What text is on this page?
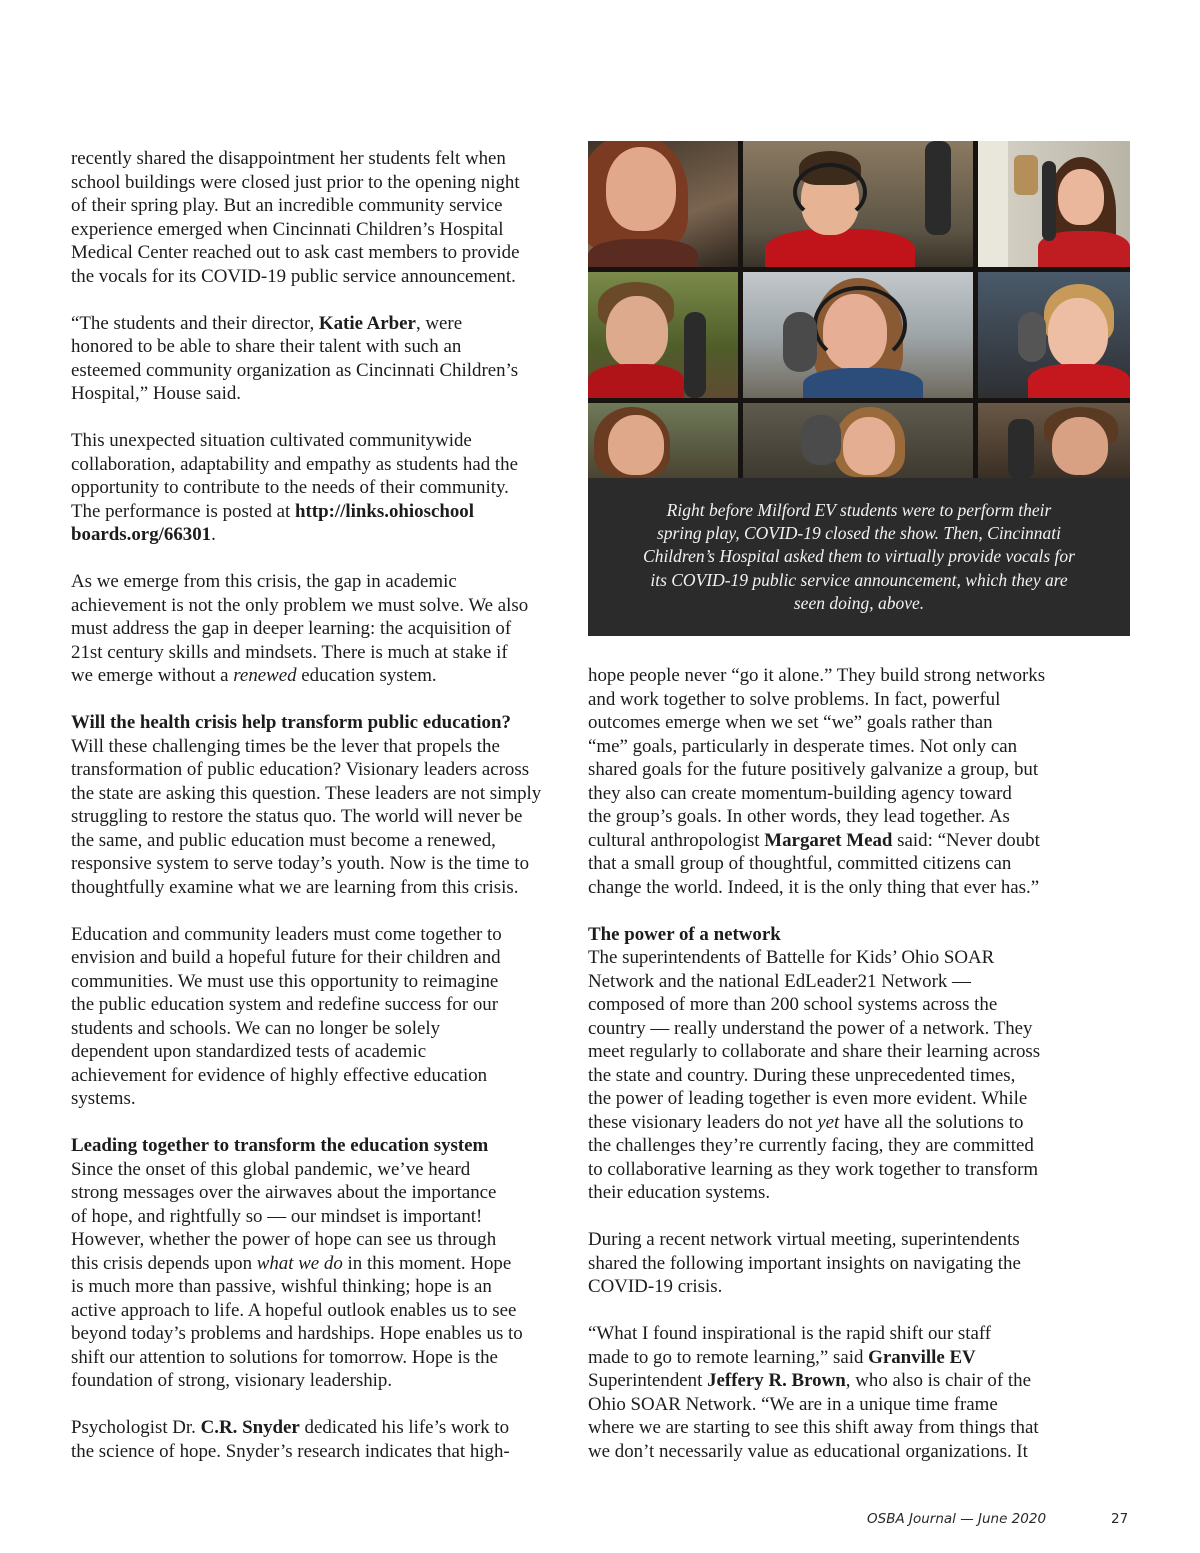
recently shared the disappointment her students felt when
school buildings were closed just prior to the opening night
of their spring play. But an incredible community service
experience emerged when Cincinnati Children’s Hospital
Medical Center reached out to ask cast members to provide
the vocals for its COVID-19 public service announcement.

“The students and their director, Katie Arber, were
honored to be able to share their talent with such an
esteemed community organization as Cincinnati Children’s
Hospital,” House said.

This unexpected situation cultivated communitywide
collaboration, adaptability and empathy as students had the
opportunity to contribute to the needs of their community.
The performance is posted at http://links.ohioschool
boards.org/66301.

As we emerge from this crisis, the gap in academic
achievement is not the only problem we must solve. We also
must address the gap in deeper learning: the acquisition of
21st century skills and mindsets. There is much at stake if
we emerge without a renewed education system.

Will the health crisis help transform public education?

Will these challenging times be the lever that propels the
transformation of public education? Visionary leaders across
the state are asking this question. These leaders are not simply
struggling to restore the status quo. The world will never be
the same, and public education must become a renewed,
responsive system to serve today’s youth. Now is the time to
thoughtfully examine what we are learning from this crisis.

Education and community leaders must come together to
envision and build a hopeful future for their children and
communities. We must use this opportunity to reimagine
the public education system and redefine success for our
students and schools. We can no longer be solely
dependent upon standardized tests of academic
achievement for evidence of highly effective education
systems.

Leading together to transform the education system

Since the onset of this global pandemic, we’ve heard
strong messages over the airwaves about the importance
of hope, and rightfully so — our mindset is important!
However, whether the power of hope can see us through
this crisis depends upon what we do in this moment. Hope
is much more than passive, wishful thinking; hope is an
active approach to life. A hopeful outlook enables us to see
beyond today’s problems and hardships. Hope enables us to
shift our attention to solutions for tomorrow. Hope is the
foundation of strong, visionary leadership.

Psychologist Dr. C.R. Snyder dedicated his life’s work to
the science of hope. Snyder’s research indicates that high-

Right before Milford EV students were to perform their
spring play, COVID-19 closed the show. Then, Cincinnati
Children’s Hospital asked them to virtually provide vocals for
its COVID-19 public service announcement, which they are
seen doing, above.

hope people never “go it alone.” They build strong networks
and work together to solve problems. In fact, powerful
outcomes emerge when we set “we” goals rather than
“me” goals, particularly in desperate times. Not only can
shared goals for the future positively galvanize a group, but
they also can create momentum-building agency toward
the group’s goals. In other words, they lead together. As
cultural anthropologist Margaret Mead said: “Never doubt
that a small group of thoughtful, committed citizens can
change the world. Indeed, it is the only thing that ever has.”

The power of a network

The superintendents of Battelle for Kids’ Ohio SOAR
Network and the national EdLeader21 Network —
composed of more than 200 school systems across the
country — really understand the power of a network. They
meet regularly to collaborate and share their learning across
the state and country. During these unprecedented times,
the power of leading together is even more evident. While
these visionary leaders do not yet have all the solutions to
the challenges they’re currently facing, they are committed
to collaborative learning as they work together to transform
their education systems.

During a recent network virtual meeting, superintendents
shared the following important insights on navigating the
COVID-19 crisis.

“What I found inspirational is the rapid shift our staff
made to go to remote learning,” said Granville EV
Superintendent Jeffery R. Brown, who also is chair of the
Ohio SOAR Network. “We are in a unique time frame
where we are starting to see this shift away from things that
we don’t necessarily value as educational organizations. It

OSBA Journal — June 2020	27
